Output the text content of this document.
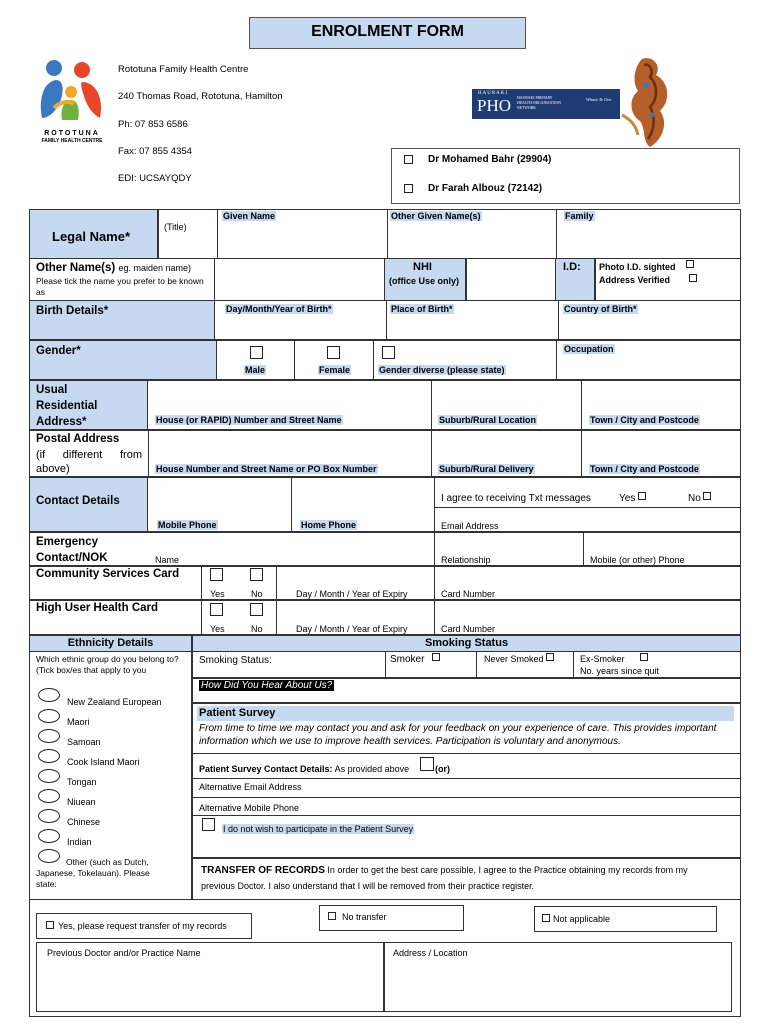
ENROLMENT FORM
ROTOTUNA
FAMILY HEALTH CENTRE
Rototuna Family Health Centre
240 Thomas Road, Rototuna, Hamilton
Ph: 07 853 6586
Fax: 07 855 4354
EDI: UCSAYQDY
HAURAKI
PHO HAURAKI PRIMARY HEALTH ORGANISATION NETWORK
Whaia Te Ora
Dr Mohamed Bahr (29904)
Dr Farah Albouz (72142)
Legal Name*
(Title)
Given Name	Other Given Name(s)	Family
Other Name(s) eg. maiden name)
Please tick the name you prefer to be known as
NHI
(office Use only)
I.D: Photo I.D. sighted
Address Verified
Birth Details*	Day/Month/Year of Birth*	Place of Birth*	Country of Birth*
Gender*
Male	Female	Gender diverse (please state)
Occupation
Usual Residential Address*	House (or RAPID) Number and Street Name	Suburb/Rural Location	Town / City and Postcode
Postal Address
(if different from above)	House Number and Street Name or PO Box Number	Suburb/Rural Delivery	Town / City and Postcode
Contact Details
Mobile Phone	Home Phone
I agree to receiving Txt messages	Yes	No
Email Address
Emergency Contact/NOK	Name	Relationship	Mobile (or other) Phone
Community Services Card
Yes	No	Day / Month / Year of Expiry	Card Number
High User Health Card
Yes	No	Day / Month / Year of Expiry	Card Number
Ethnicity Details
Which ethnic group do you belong to? (Tick box/es that apply to you
New Zealand European
Maori
Samoan
Cook Island Maori
Tongan
Niuean
Chinese
Indian
Other (such as Dutch, Japanese, Tokelauan). Please state:
Smoking Status
Smoking Status:	Smoker	Never Smoked	Ex-Smoker
No. years since quit
How Did You Hear About Us?
Patient Survey
From time to time we may contact you and ask for your feedback on your experience of care. This provides important information which we use to improve health services. Participation is voluntary and anonymous.
Patient Survey Contact Details: As provided above	(or)
Alternative Email Address
Alternative Mobile Phone
I do not wish to participate in the Patient Survey
TRANSFER OF RECORDS In order to get the best care possible, I agree to the Practice obtaining my records from my
previous Doctor. I also understand that I will be removed from their practice register.
Yes, please request transfer of my records
No transfer	Not applicable
Previous Doctor and/or Practice Name	Address / Location
